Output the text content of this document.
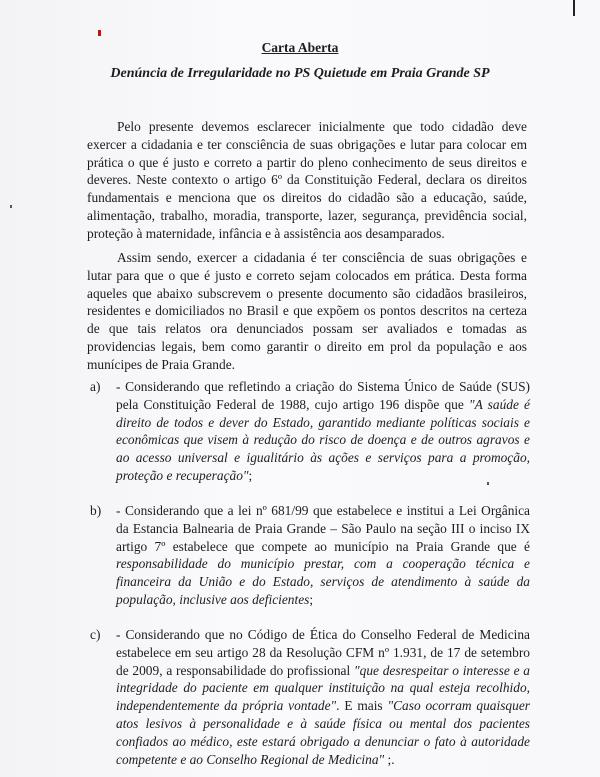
Carta Aberta
Denúncia de Irregularidade no PS Quietude em Praia Grande SP
Pelo presente devemos esclarecer inicialmente que todo cidadão deve exercer a cidadania e ter consciência de suas obrigações e lutar para colocar em prática o que é justo e correto a partir do pleno conhecimento de seus direitos e deveres. Neste contexto o artigo 6º da Constituição Federal, declara os direitos fundamentais e menciona que os direitos do cidadão são a educação, saúde, alimentação, trabalho, moradia, transporte, lazer, segurança, previdência social, proteção à maternidade, infância e à assistência aos desamparados.
Assim sendo, exercer a cidadania é ter consciência de suas obrigações e lutar para que o que é justo e correto sejam colocados em prática. Desta forma aqueles que abaixo subscrevem o presente documento são cidadãos brasileiros, residentes e domiciliados no Brasil e que expõem os pontos descritos na certeza de que tais relatos ora denunciados possam ser avaliados e tomadas as providencias legais, bem como garantir o direito em prol da população e aos munícipes de Praia Grande.
a) - Considerando que refletindo a criação do Sistema Único de Saúde (SUS) pela Constituição Federal de 1988, cujo artigo 196 dispõe que "A saúde é direito de todos e dever do Estado, garantido mediante políticas sociais e econômicas que visem à redução do risco de doença e de outros agravos e ao acesso universal e igualitário às ações e serviços para a promoção, proteção e recuperação";
b) - Considerando que a lei nº 681/99 que estabelece e institui a Lei Orgânica da Estancia Balnearia de Praia Grande – São Paulo na seção III o inciso IX artigo 7º estabelece que compete ao município na Praia Grande que é responsabilidade do município prestar, com a cooperação técnica e financeira da União e do Estado, serviços de atendimento à saúde da população, inclusive aos deficientes;
c) - Considerando que no Código de Ética do Conselho Federal de Medicina estabelece em seu artigo 28 da Resolução CFM nº 1.931, de 17 de setembro de 2009, a responsabilidade do profissional "que desrespeitar o interesse e a integridade do paciente em qualquer instituição na qual esteja recolhido, independentemente da própria vontade". E mais "Caso ocorram quaisquer atos lesivos à personalidade e à saúde física ou mental dos pacientes confiados ao médico, este estará obrigado a denunciar o fato à autoridade competente e ao Conselho Regional de Medicina" ;.
